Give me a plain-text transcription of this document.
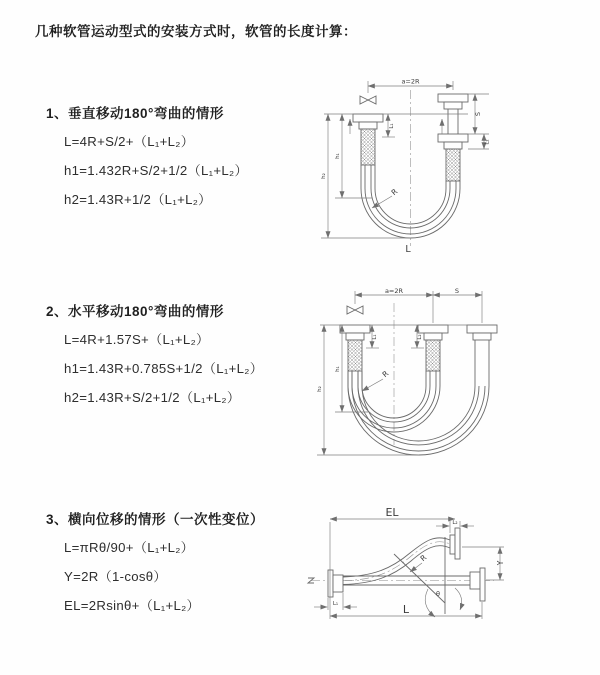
几种软管运动型式的安装方式时，软管的长度计算：
1、垂直移动180°弯曲的情形
L=4R+S/2+（L₁+L₂）
h1=1.432R+S/2+1/2（L₁+L₂）
h2=1.43R+1/2（L₁+L₂）
2、水平移动180°弯曲的情形
L=4R+1.57S+（L₁+L₂）
h1=1.43R+0.785S+1/2（L₁+L₂）
h2=1.43R+S/2+1/2（L₁+L₂）
3、横向位移的情形（一次性变位）
L=πRθ/90+（L₁+L₂）
Y=2R（1-cosθ）
EL=2Rsinθ+（L₁+L₂）
a=2R
h₁
h₂
L₁
S
L₂
R
L
a=2R	S
h₁
h₂
L₁	L₂
R
EL
L₂
Y
L₁	L
R
θ
